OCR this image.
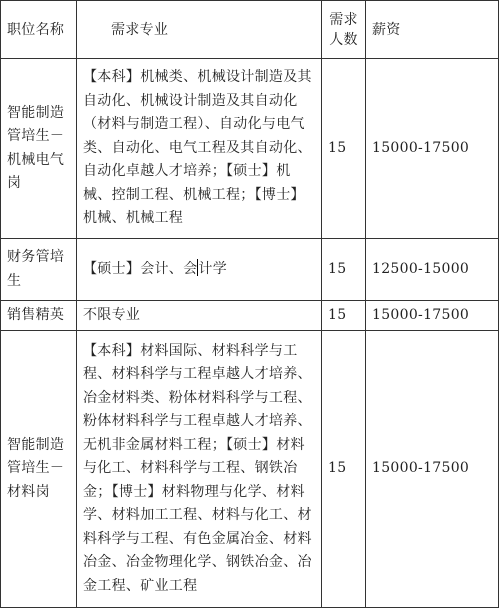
职位名称	需求专业	需求人数	薪资
智能制造管培生－机械电气岗	【本科】机械类、机械设计制造及其自动化、机械设计制造及其自动化（材料与制造工程）、自动化与电气类、自动化、电气工程及其自动化、自动化卓越人才培养；【硕士】机械、控制工程、机械工程；【博士】机械、机械工程	15	15000-17500
财务管培生	【硕士】会计、会计学	15	12500-15000
销售精英	不限专业	15	15000-17500
智能制造管培生－材料岗	【本科】材料国际、材料科学与工程、材料科学与工程卓越人才培养、冶金材料类、粉体材料科学与工程、粉体材料科学与工程卓越人才培养、无机非金属材料工程；【硕士】材料与化工、材料科学与工程、钢铁冶金；【博士】材料物理与化学、材料学、材料加工工程、材料与化工、材料科学与工程、有色金属冶金、材料冶金、冶金物理化学、钢铁冶金、冶金工程、矿业工程	15	15000-17500
